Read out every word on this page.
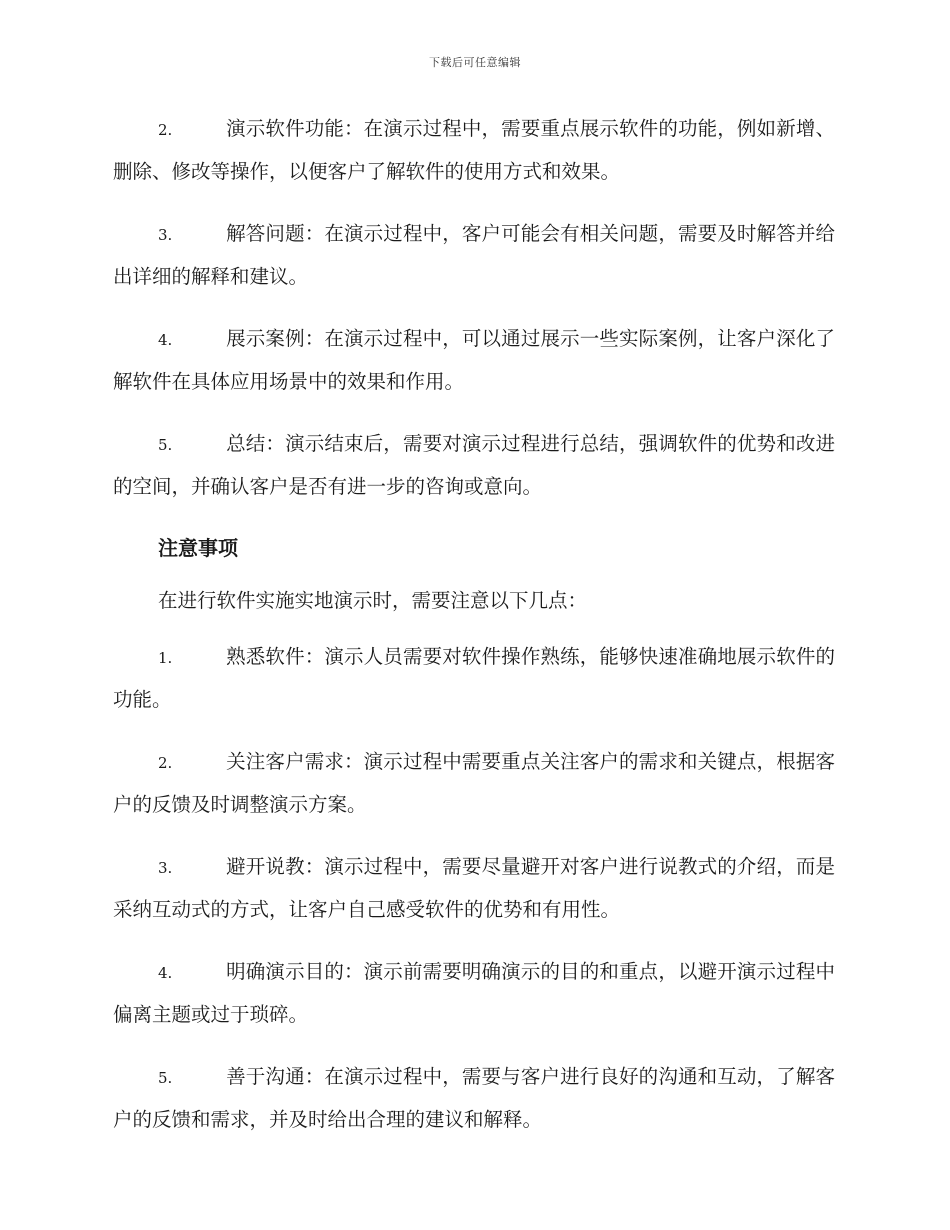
下载后可任意编辑

2.	演示软件功能：在演示过程中，需要重点展示软件的功能，例如新增、删除、修改等操作，以便客户了解软件的使用方式和效果。

3.	解答问题：在演示过程中，客户可能会有相关问题，需要及时解答并给出详细的解释和建议。

4.	展示案例：在演示过程中，可以通过展示一些实际案例，让客户深化了解软件在具体应用场景中的效果和作用。

5.	总结：演示结束后，需要对演示过程进行总结，强调软件的优势和改进的空间，并确认客户是否有进一步的咨询或意向。

注意事项

在进行软件实施实地演示时，需要注意以下几点：

1.	熟悉软件：演示人员需要对软件操作熟练，能够快速准确地展示软件的功能。

2.	关注客户需求：演示过程中需要重点关注客户的需求和关键点，根据客户的反馈及时调整演示方案。

3.	避开说教：演示过程中，需要尽量避开对客户进行说教式的介绍，而是采纳互动式的方式，让客户自己感受软件的优势和有用性。

4.	明确演示目的：演示前需要明确演示的目的和重点，以避开演示过程中偏离主题或过于琐碎。

5.	善于沟通：在演示过程中，需要与客户进行良好的沟通和互动，了解客户的反馈和需求，并及时给出合理的建议和解释。
